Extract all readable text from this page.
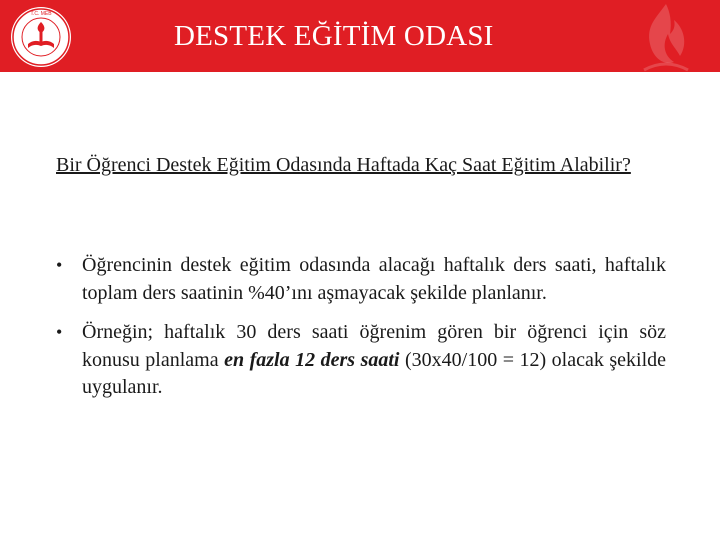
T.C. MEB
DESTEK EĞİTİM ODASI
Bir Öğrenci Destek Eğitim Odasında Haftada Kaç Saat Eğitim Alabilir?
• Öğrencinin destek eğitim odasında alacağı haftalık ders saati, haftalık toplam ders saatinin %40’ını aşmayacak şekilde planlanır.
• Örneğin; haftalık 30 ders saati öğrenim gören bir öğrenci için söz konusu planlama en fazla 12 ders saati (30x40/100 = 12) olacak şekilde uygulanır.
